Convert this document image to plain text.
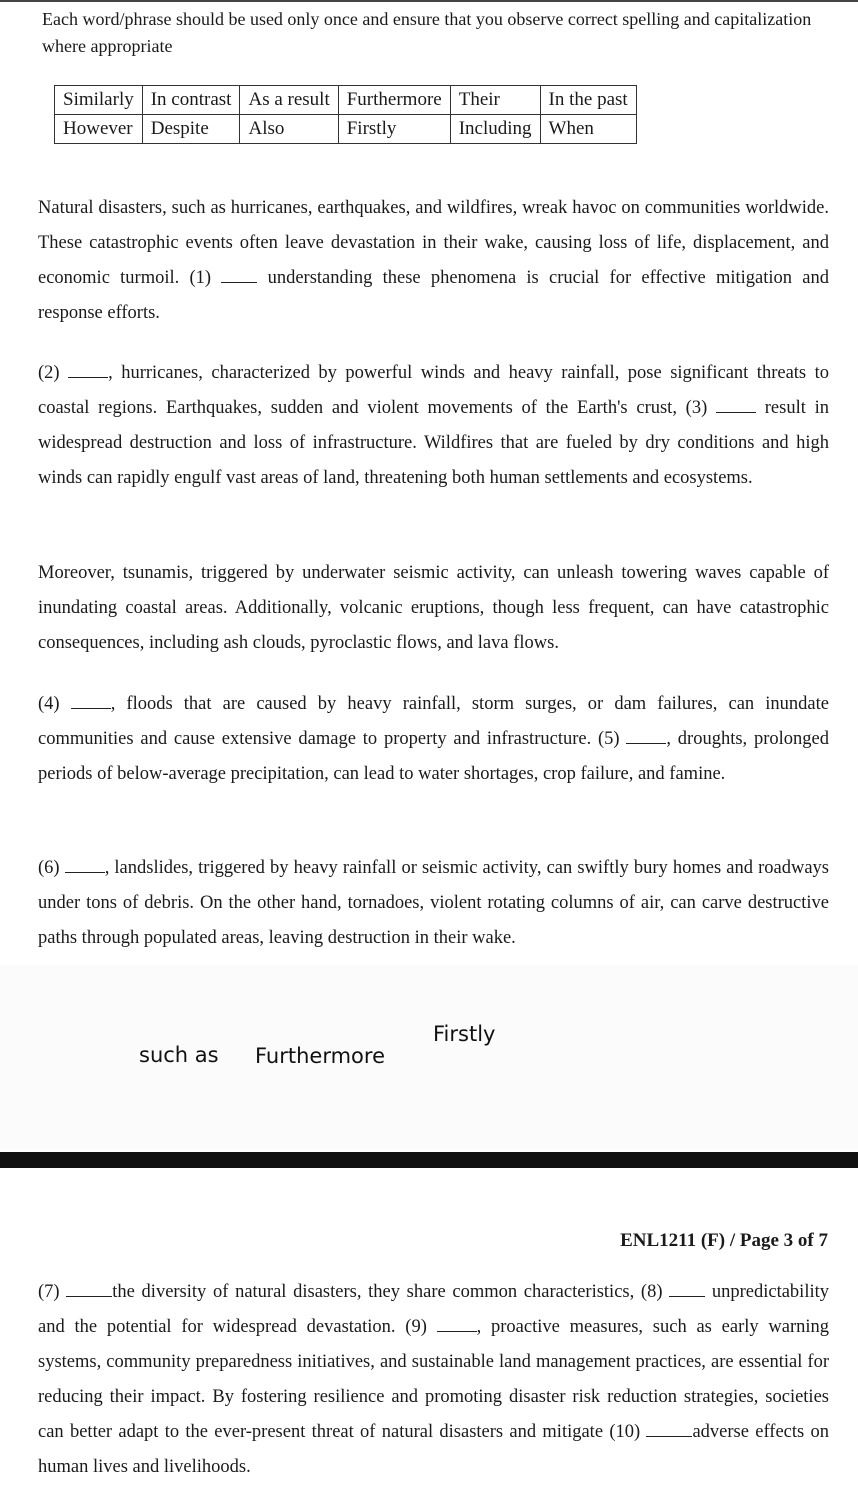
Each word/phrase should be used only once and ensure that you observe correct spelling and capitalization where appropriate
Similarly	In contrast	As a result	Furthermore	Their	In the past
However	Despite	Also	Firstly	Including	When

Natural disasters, such as hurricanes, earthquakes, and wildfires, wreak havoc on communities worldwide. These catastrophic events often leave devastation in their wake, causing loss of life, displacement, and economic turmoil. (1)  understanding these phenomena is crucial for effective mitigation and response efforts.

(2) , hurricanes, characterized by powerful winds and heavy rainfall, pose significant threats to coastal regions. Earthquakes, sudden and violent movements of the Earth's crust, (3)  result in widespread destruction and loss of infrastructure. Wildfires that are fueled by dry conditions and high winds can rapidly engulf vast areas of land, threatening both human settlements and ecosystems.

Moreover, tsunamis, triggered by underwater seismic activity, can unleash towering waves capable of inundating coastal areas. Additionally, volcanic eruptions, though less frequent, can have catastrophic consequences, including ash clouds, pyroclastic flows, and lava flows.

(4) , floods that are caused by heavy rainfall, storm surges, or dam failures, can inundate communities and cause extensive damage to property and infrastructure. (5) , droughts, prolonged periods of below-average precipitation, can lead to water shortages, crop failure, and famine.

(6) , landslides, triggered by heavy rainfall or seismic activity, can swiftly bury homes and roadways under tons of debris. On the other hand, tornadoes, violent rotating columns of air, can carve destructive paths through populated areas, leaving destruction in their wake.

Firstly
such as Furthermore
ENL1211 (F) / Page 3 of 7

(7) the diversity of natural disasters, they share common characteristics, (8)  unpredictability and the potential for widespread devastation. (9) , proactive measures, such as early warning systems, community preparedness initiatives, and sustainable land management practices, are essential for reducing their impact. By fostering resilience and promoting disaster risk reduction strategies, societies can better adapt to the ever-present threat of natural disasters and mitigate (10) adverse effects on human lives and livelihoods.
